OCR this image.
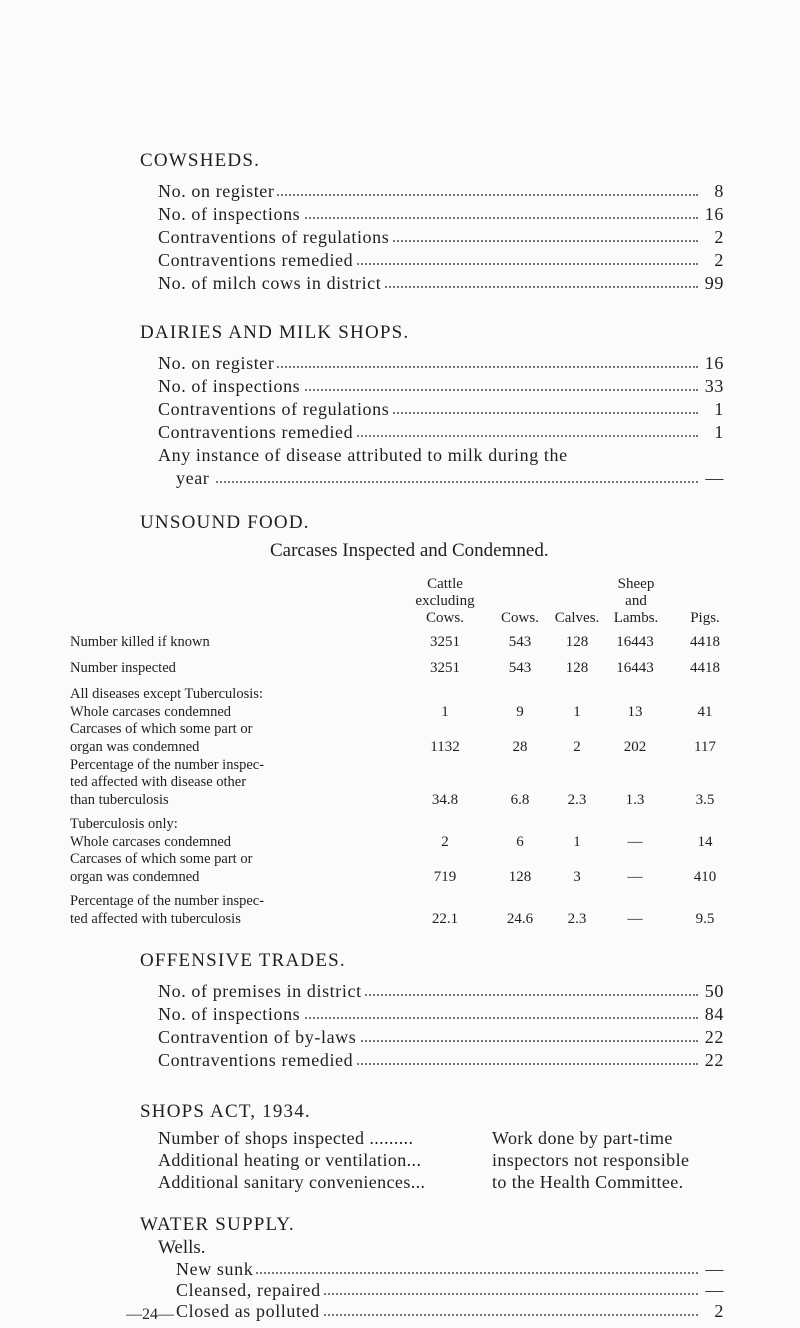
COWSHEDS.
No. on register	8
No. of inspections	16
Contraventions of regulations	2
Contraventions remedied	2
No. of milch cows in district	99
DAIRIES AND MILK SHOPS.
No. on register	16
No. of inspections	33
Contraventions of regulations	1
Contraventions remedied	1
Any instance of disease attributed to milk during the
year	—
UNSOUND FOOD.
Carcases Inspected and Condemned.
Cattle
excluding
Cows.	Cows.	Calves.
Sheep
and
Lambs.	Pigs.
Number killed if known	3251	543	128	16443	4418
Number inspected	3251	543	128	16443	4418
All diseases except Tuberculosis:
Whole carcases condemned	1	9	1	13	41
Carcases of which some part or
organ was condemned	1132	28	2	202	117
Percentage of the number inspec-
ted affected with disease other
than tuberculosis	34.8	6.8	2.3	1.3	3.5
Tuberculosis only:
Whole carcases condemned	2	6	1	—	14
Carcases of which some part or
organ was condemned	719	128	3	—	410
Percentage of the number inspec-
ted affected with tuberculosis	22.1	24.6	2.3	—	9.5
OFFENSIVE TRADES.
No. of premises in district	50
No. of inspections	84
Contravention of by-laws	22
Contraventions remedied	22
SHOPS ACT, 1934.
Number of shops inspected .........
Additional heating or ventilation...
Additional sanitary conveniences...
Work done by part-time
inspectors not responsible
to the Health Committee.
WATER SUPPLY.
Wells.
New sunk	—
—24—
Cleansed, repaired	—
Closed as polluted	2
